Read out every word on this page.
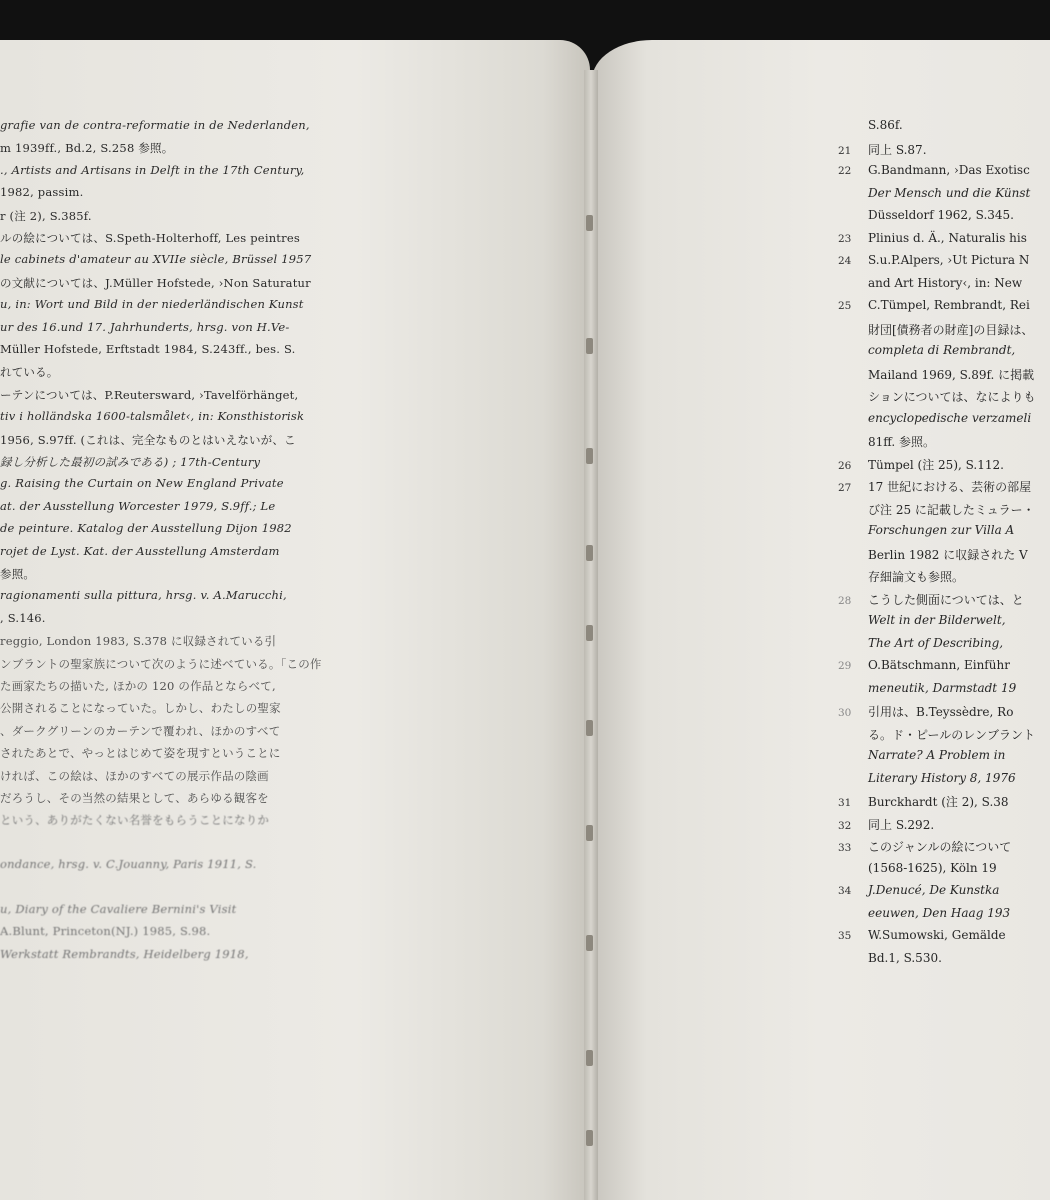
grafie van de contra-reformatie in de Nederlanden,
m 1939ff., Bd.2, S.258 参照。
., Artists and Artisans in Delft in the 17th Century,
1982, passim.
r (注 2), S.385f.
ルの絵については、S.Speth-Holterhoff, Les peintres
le cabinets d'amateur au XVIIe siècle, Brüssel 1957
の文献については、J.Müller Hofstede, ›Non Saturatur
u, in: Wort und Bild in der niederländischen Kunst
ur des 16.und 17. Jahrhunderts, hrsg. von H.Ve-
Müller Hofstede, Erftstadt 1984, S.243ff., bes. S.
れている。
ーテンについては、P.Reutersward, ›Tavelförhänget,
tiv i holländska 1600-talsmålet‹, in: Konsthistorisk
1956, S.97ff. (これは、完全なものとはいえないが、こ
録し分析した最初の試みである) ; 17th-Century
g. Raising the Curtain on New England Private
at. der Ausstellung Worcester 1979, S.9ff.; Le
de peinture. Katalog der Ausstellung Dijon 1982
rojet de Lyst. Kat. der Ausstellung Amsterdam
参照。
ragionamenti sulla pittura, hrsg. v. A.Marucchi,
, S.146.
reggio, London 1983, S.378 に収録されている引
ンブラントの聖家族について次のように述べている。「この作
た画家たちの描いた, ほかの 120 の作品とならべて,
公開されることになっていた。しかし、わたしの聖家
、ダークグリーンのカーテンで覆われ、ほかのすべて
されたあとで、やっとはじめて姿を現すということに
ければ、この絵は、ほかのすべての展示作品の陰画
だろうし、その当然の結果として、あらゆる観客を
という、ありがたくない名誉をもらうことになりか
ondance, hrsg. v. C.Jouanny, Paris 1911, S.
u, Diary of the Cavaliere Bernini's Visit
A.Blunt, Princeton(NJ.) 1985, S.98.
Werkstatt Rembrandts, Heidelberg 1918,
S.86f.
21 同上 S.87.
22 G.Bandmann, ›Das Exotisc
Der Mensch und die Künst
Düsseldorf 1962, S.345.
23 Plinius d. Ä., Naturalis his
24 S.u.P.Alpers, ›Ut Pictura N
and Art History‹, in: New
25 C.Tümpel, Rembrandt, Rei
財団[債務者の財産]の目録は、
completa di Rembrandt,
Mailand 1969, S.89f. に掲載
ションについては、なによりも
encyclopedische verzameli
81ff. 参照。
26 Tümpel (注 25), S.112.
27 17 世紀における、芸術の部屋
び注 25 に記載したミュラー・
Forschungen zur Villa A
Berlin 1982 に収録された V
存細論文も参照。
28 こうした側面については、と
Welt in der Bilderwelt,
The Art of Describing,
29 O.Bätschmann, Einführ
meneutik, Darmstadt 19
30 引用は、B.Teyssèdre, Ro
る。ド・ピールのレンブラント
Narrate? A Problem in
Literary History 8, 1976
31 Burckhardt (注 2), S.38
32 同上 S.292.
33 このジャンルの絵について
(1568-1625), Köln 19
34 J.Denucé, De Kunstka
eeuwen, Den Haag 193
35 W.Sumowski, Gemälde
Bd.1, S.530.
